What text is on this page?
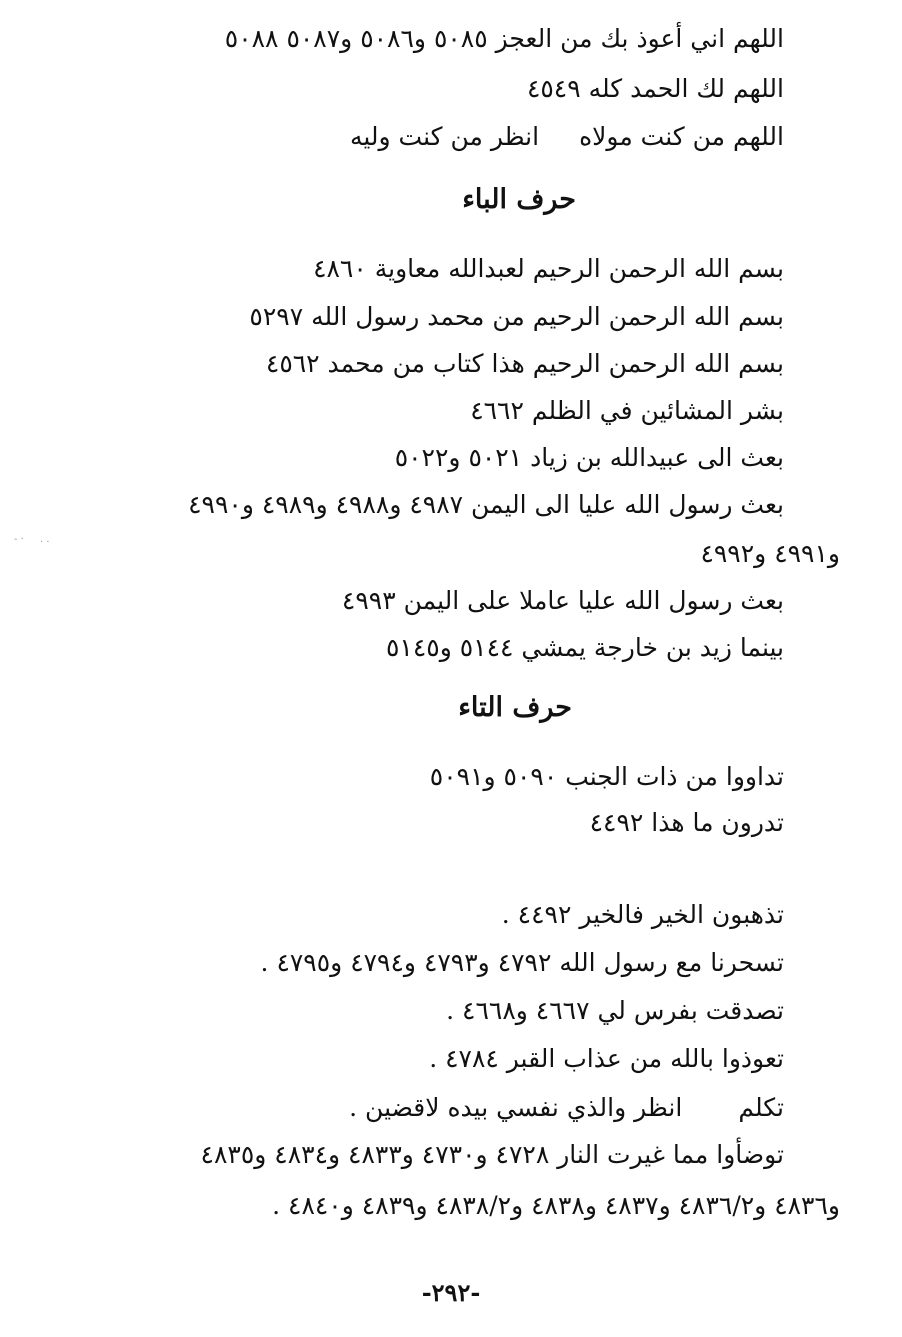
اللهم اني أعوذ بك من العجز ٥٠٨٥ و٥٠٨٦ و٥٠٨٧ ٥٠٨٨
اللهم لك الحمد كله ٤٥٤٩
اللهم من كنت مولاهانظر من كنت وليه
حرف الباء
بسم الله الرحمن الرحيم لعبدالله معاوية ٤٨٦٠
بسم الله الرحمن الرحيم من محمد رسول الله ٥٢٩٧
بسم الله الرحمن الرحيم هذا كتاب من محمد ٤٥٦٢
بشر المشائين في الظلم ٤٦٦٢
بعث الى عبيدالله بن زياد ٥٠٢١ و٥٠٢٢
بعث رسول الله عليا الى اليمن ٤٩٨٧ و٤٩٨٨ و٤٩٨٩ و٤٩٩٠
و٤٩٩١ و٤٩٩٢
بعث رسول الله عليا عاملا على اليمن ٤٩٩٣
بينما زيد بن خارجة يمشي ٥١٤٤ و٥١٤٥
حرف التاء
تداووا من ذات الجنب ٥٠٩٠ و٥٠٩١
تدرون ما هذا ٤٤٩٢
تذهبون الخير فالخير ٤٤٩٢ .
تسحرنا مع رسول الله ٤٧٩٢ و٤٧٩٣ و٤٧٩٤ و٤٧٩٥ .
تصدقت بفرس لي ٤٦٦٧ و٤٦٦٨ .
تعوذوا بالله من عذاب القبر ٤٧٨٤ .
تكلمانظر والذي نفسي بيده لاقضين .
توضأوا مما غيرت النار ٤٧٢٨ و٤٧٣٠ و٤٨٣٣ و٤٨٣٤ و٤٨٣٥
و٤٨٣٦ و٤٨٣٦/٢ و٤٨٣٧ و٤٨٣٨ و٤٨٣٨/٢ و٤٨٣٩ و٤٨٤٠ .
-٢٩٢-
‐ · · ·
